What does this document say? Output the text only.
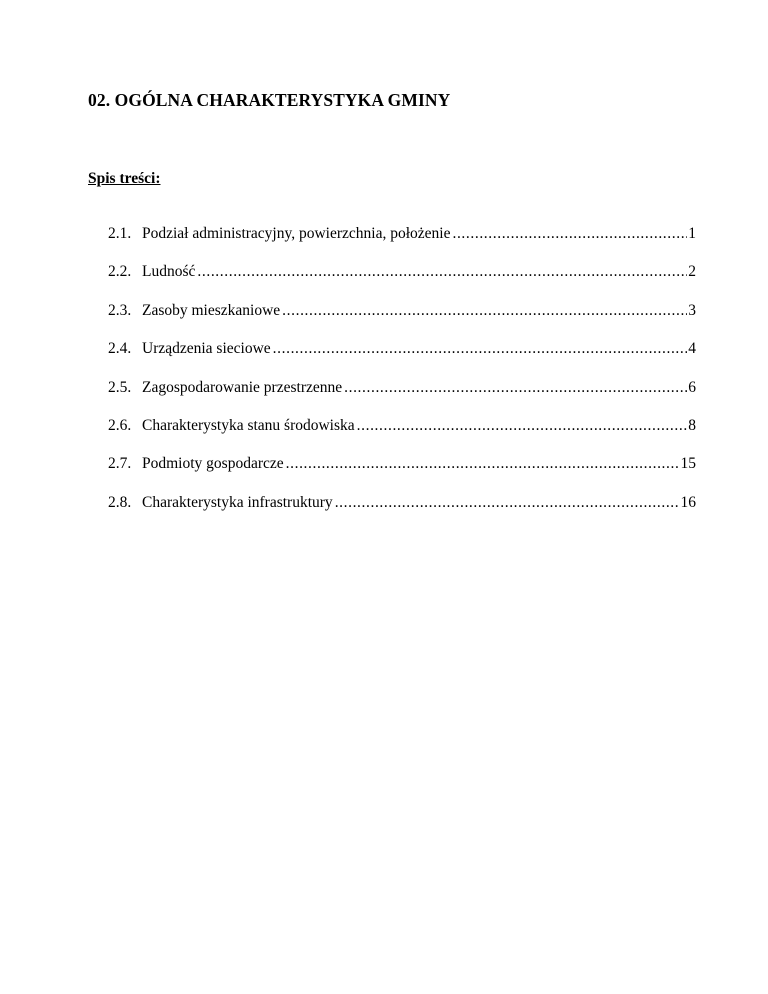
02. OGÓLNA CHARAKTERYSTYKA GMINY
Spis treści:
2.1. Podział administracyjny, powierzchnia, położenie .....	1
2.2. Ludność .....	2
2.3. Zasoby mieszkaniowe .....	3
2.4. Urządzenia sieciowe .....	4
2.5. Zagospodarowanie przestrzenne .....	6
2.6. Charakterystyka stanu środowiska .....	8
2.7. Podmioty gospodarcze .....	15
2.8. Charakterystyka infrastruktury .....	16
